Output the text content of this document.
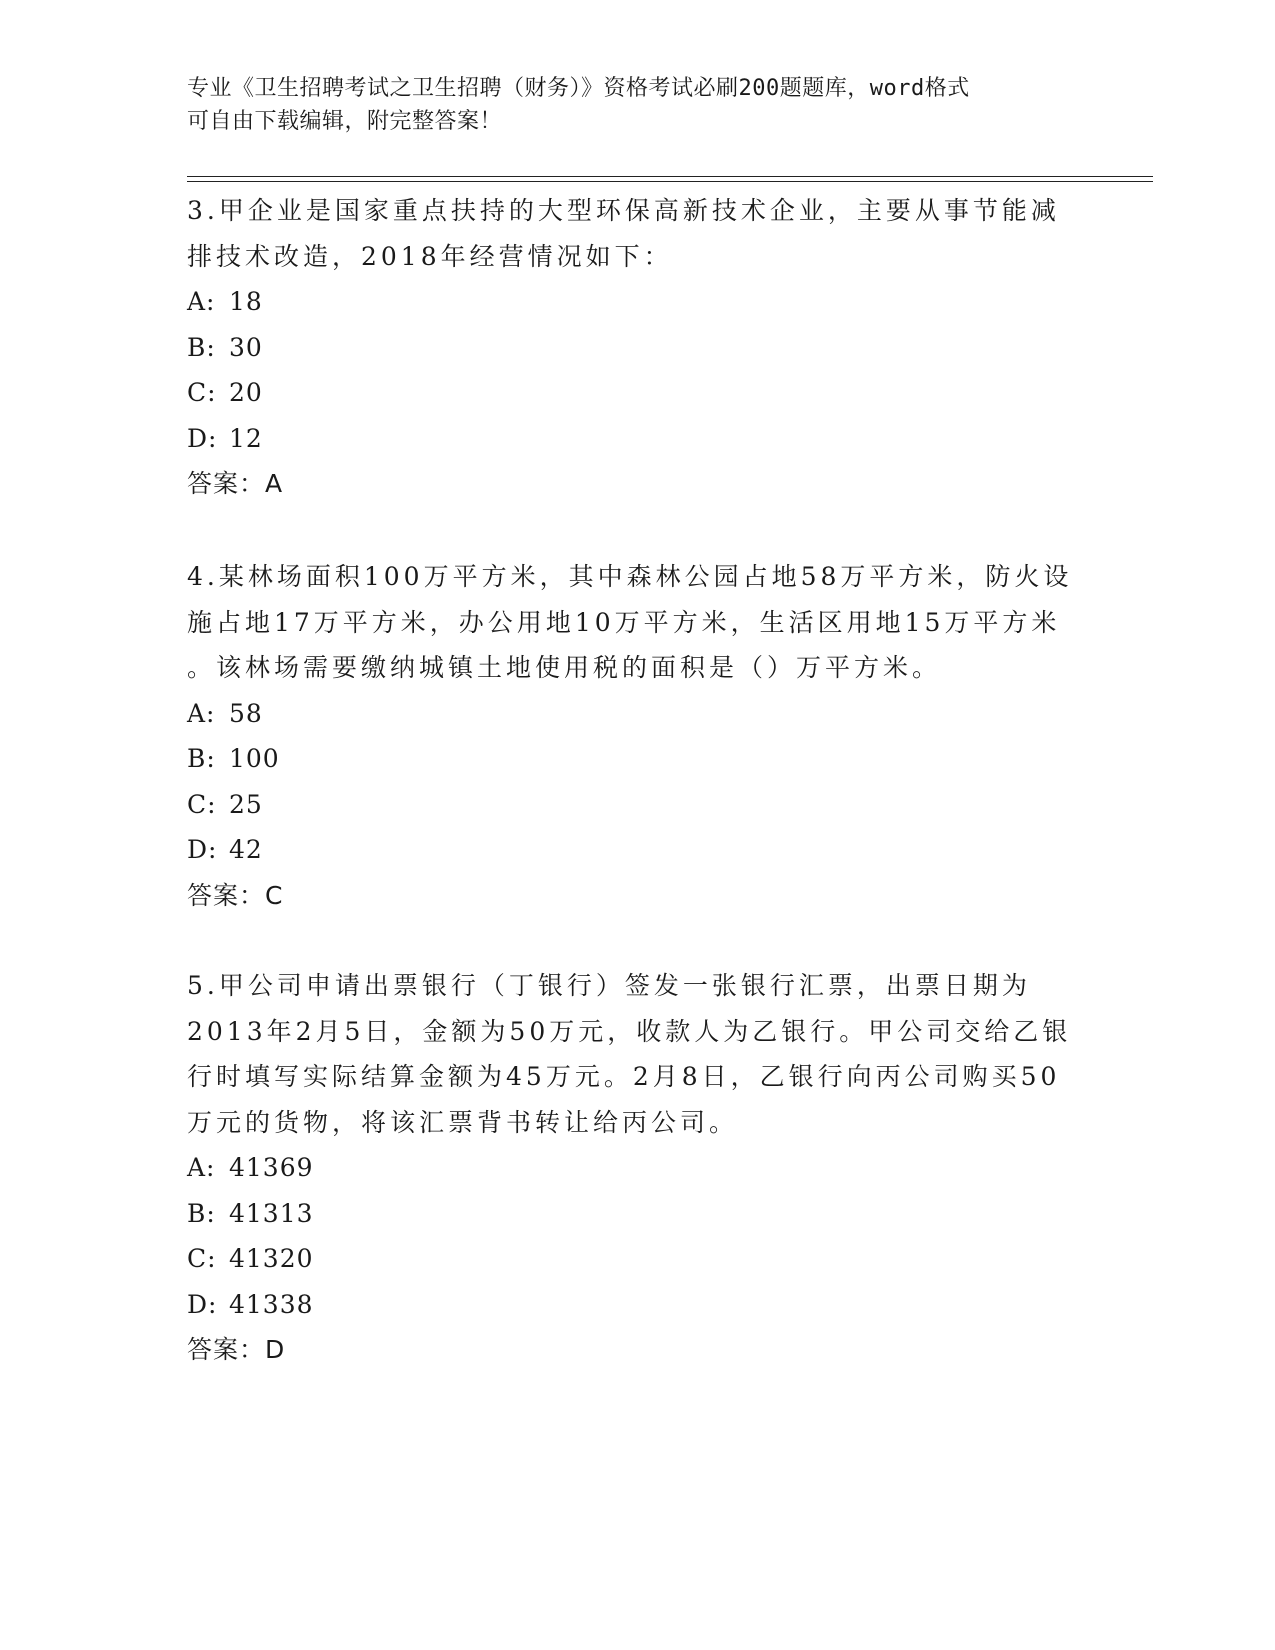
专业《卫生招聘考试之卫生招聘（财务）》资格考试必刷200题题库，word格式
可自由下载编辑，附完整答案！
3.甲企业是国家重点扶持的大型环保高新技术企业，主要从事节能减
排技术改造，2018年经营情况如下：
A: 18
B: 30
C: 20
D: 12
答案：A
4.某林场面积100万平方米，其中森林公园占地58万平方米，防火设
施占地17万平方米，办公用地10万平方米，生活区用地15万平方米
。该林场需要缴纳城镇土地使用税的面积是（）万平方米。
A: 58
B: 100
C: 25
D: 42
答案：C
5.甲公司申请出票银行（丁银行）签发一张银行汇票，出票日期为
2013年2月5日，金额为50万元，收款人为乙银行。甲公司交给乙银
行时填写实际结算金额为45万元。2月8日，乙银行向丙公司购买50
万元的货物，将该汇票背书转让给丙公司。
A: 41369
B: 41313
C: 41320
D: 41338
答案：D
